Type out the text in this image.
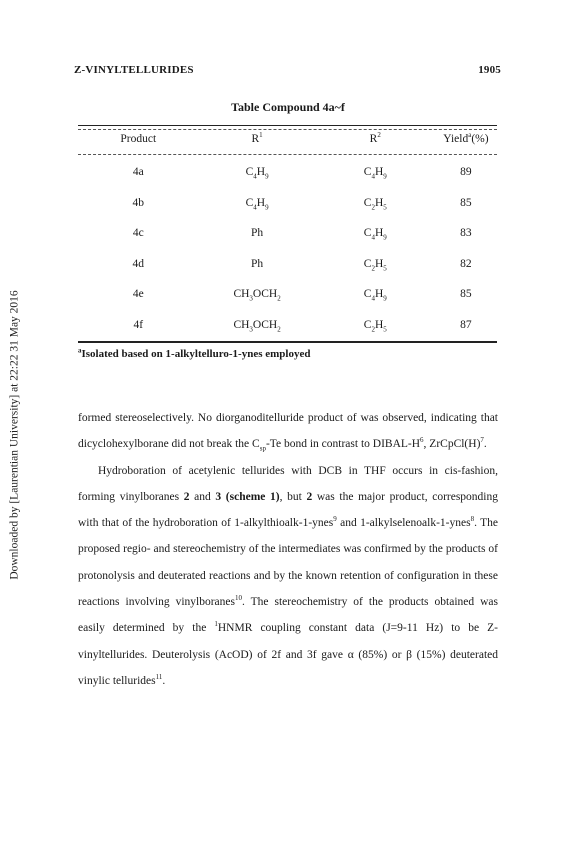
Downloaded by [Laurentian University] at 22:22 31 May 2016
Z-VINYLTELLURIDES	1905
Table Compound 4a~f
Product	$R^1$	$R^2$	Yield$^a$(%)
4a	$C_4H_9$	$C_4H_9$	89
4b	$C_4H_9$	$C_2H_5$	85
4c	Ph	$C_4H_9$	83
4d	Ph	$C_2H_5$	82
4e	$CH_3OCH_2$	$C_4H_9$	85
4f	$CH_3OCH_2$	$C_2H_5$	87
$^a$Isolated based on 1-alkyltelluro-1-ynes employed

formed stereoselectively. No diorganoditelluride product of was observed, indicating that dicyclohexylborane did not break the $C_{sp}-Te$ bond in contrast to DIBAL-$H^6$, $ZrCpCl(H)^7$.

Hydroboration of acetylenic tellurides with DCB in THF occurs in cis-fashion, forming vinylboranes 2 and 3 (scheme 1), but 2 was the major product, corresponding with that of the hydroboration of 1-alkylthioalk-1-ynes$^9$ and 1-alkylselenoalk-1-ynes$^8$. The proposed regio- and stereochemistry of the intermediates was confirmed by the products of protonolysis and deuterated reactions and by the known retention of configuration in these reactions involving vinylboranes$^{10}$. The stereochemistry of the products obtained was easily determined by the $^1$HNMR coupling constant data (J=9-11 Hz) to be Z-vinyltellurides. Deuterolysis (AcOD) of 2f and 3f gave α (85%) or β (15%) deuterated vinylic tellurides$^{11}$.
